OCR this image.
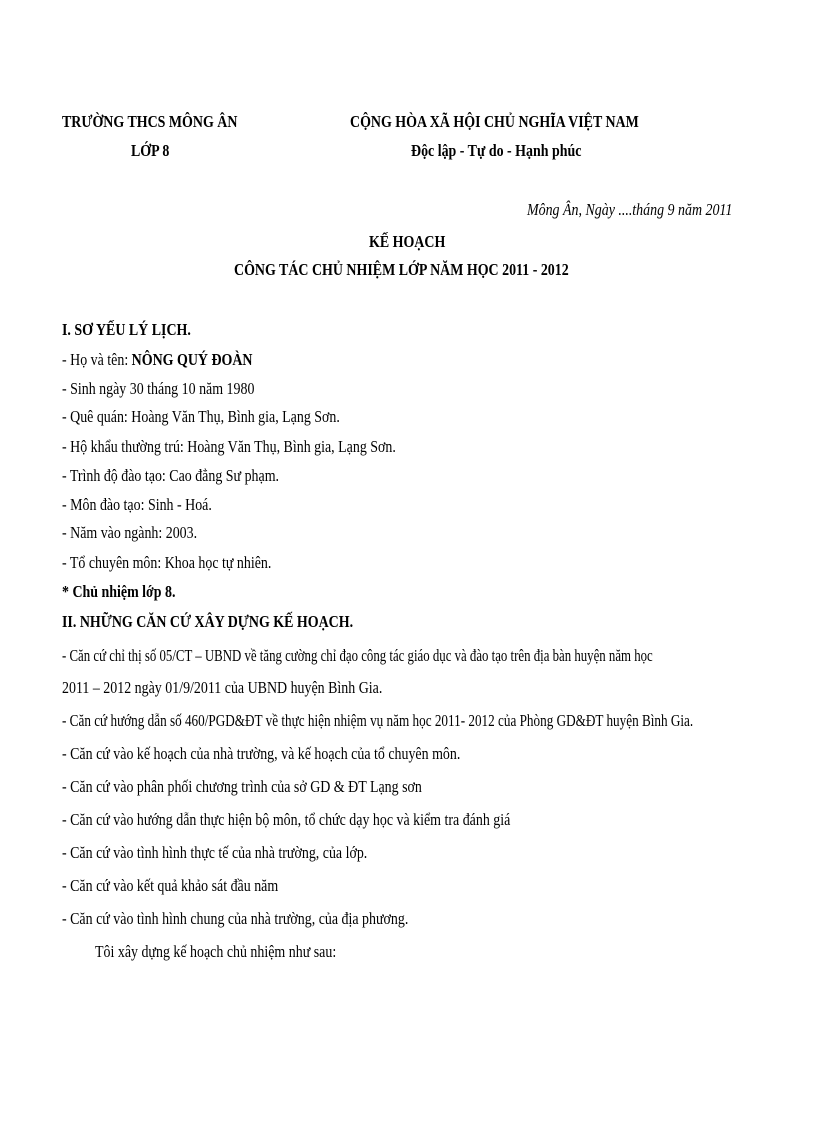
TRƯỜNG THCS MÔNG ÂN
LỚP 8
CỘNG HÒA XÃ HỘI CHỦ NGHĨA VIỆT NAM
Độc lập - Tự do - Hạnh phúc
Mông Ân, Ngày ....tháng 9 năm 2011
KẾ HOẠCH
CÔNG TÁC CHỦ NHIỆM LỚP NĂM HỌC 2011 - 2012
I. SƠ YẾU LÝ LỊCH.
- Họ và tên: NÔNG QUÝ ĐOÀN
- Sinh ngày 30 tháng 10 năm 1980
- Quê quán: Hoàng Văn Thụ, Bình gia, Lạng Sơn.
- Hộ khẩu thường trú: Hoàng Văn Thụ, Bình gia, Lạng Sơn.
- Trình độ đào tạo: Cao đẳng Sư phạm.
- Môn đào tạo: Sinh - Hoá.
- Năm vào ngành: 2003.
- Tổ chuyên môn: Khoa học tự nhiên.
* Chủ nhiệm lớp 8.
II. NHỮNG CĂN CỨ XÂY DỰNG KẾ HOẠCH.
- Căn cứ chỉ thị số 05/CT – UBND về tăng cường chỉ đạo công tác giáo dục và đào tạo trên địa bàn huyện năm học
2011 – 2012 ngày 01/9/2011 của UBND huyện Bình Gia.
- Căn cứ hướng dẫn số 460/PGD&ĐT về thực hiện nhiệm vụ năm học 2011- 2012 của Phòng GD&ĐT huyện Bình Gia.
- Căn cứ vào kế hoạch của nhà trường, và kế hoạch của tổ chuyên môn.
- Căn cứ vào phân phối chương trình của sở GD & ĐT Lạng sơn
- Căn cứ vào hướng dẫn thực hiện bộ môn, tổ chức dạy học và kiểm tra đánh giá
- Căn cứ vào tình hình thực tế của nhà trường, của lớp.
- Căn cứ vào kết quả khảo sát đầu năm
- Căn cứ vào tình hình chung của nhà trường, của địa phương.
Tôi xây dựng kế hoạch chủ nhiệm như sau:
